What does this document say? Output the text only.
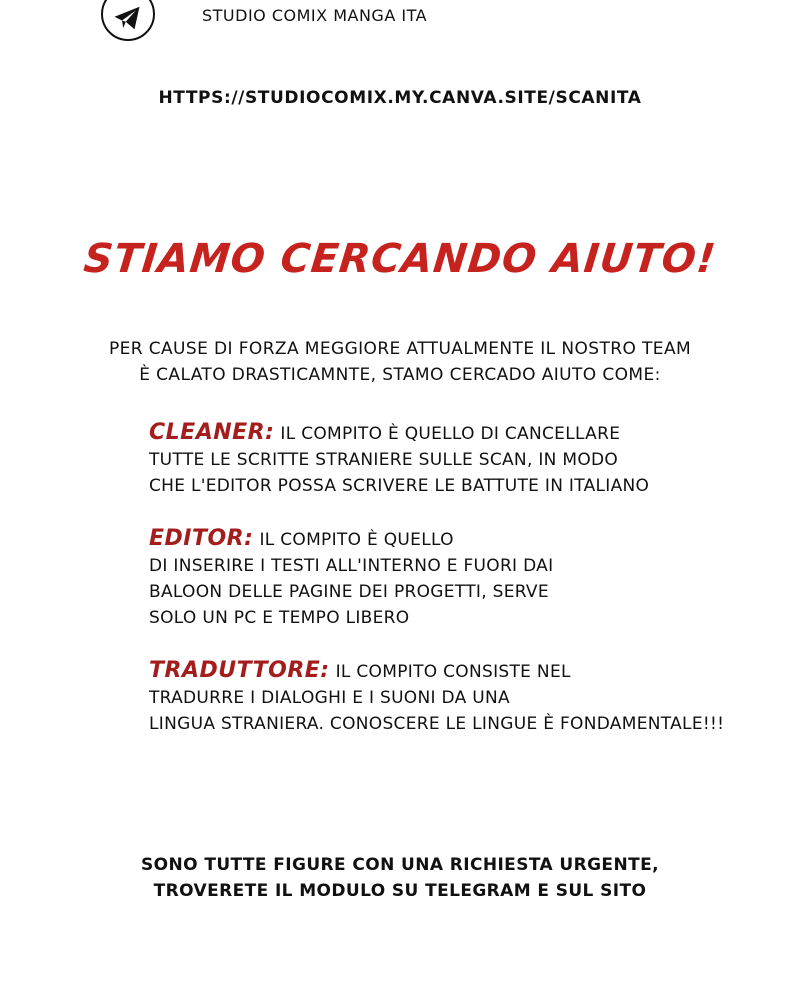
STUDIO COMIX MANGA ITA
HTTPS://STUDIOCOMIX.MY.CANVA.SITE/SCANITA
STIAMO CERCANDO AIUTO!
PER CAUSE DI FORZA MEGGIORE ATTUALMENTE IL NOSTRO TEAM
È CALATO DRASTICAMNTE, STAMO CERCADO AIUTO COME:
CLEANER: IL COMPITO È QUELLO DI CANCELLARE
TUTTE LE SCRITTE STRANIERE SULLE SCAN, IN MODO
CHE L'EDITOR POSSA SCRIVERE LE BATTUTE IN ITALIANO
EDITOR: IL COMPITO È QUELLO
DI INSERIRE I TESTI ALL'INTERNO E FUORI DAI
BALOON DELLE PAGINE DEI PROGETTI, SERVE
SOLO UN PC E TEMPO LIBERO
TRADUTTORE: IL COMPITO CONSISTE NEL
TRADURRE I DIALOGHI E I SUONI DA UNA
LINGUA STRANIERA. CONOSCERE LE LINGUE È FONDAMENTALE!!!
SONO TUTTE FIGURE CON UNA RICHIESTA URGENTE,
TROVERETE IL MODULO SU TELEGRAM E SUL SITO
